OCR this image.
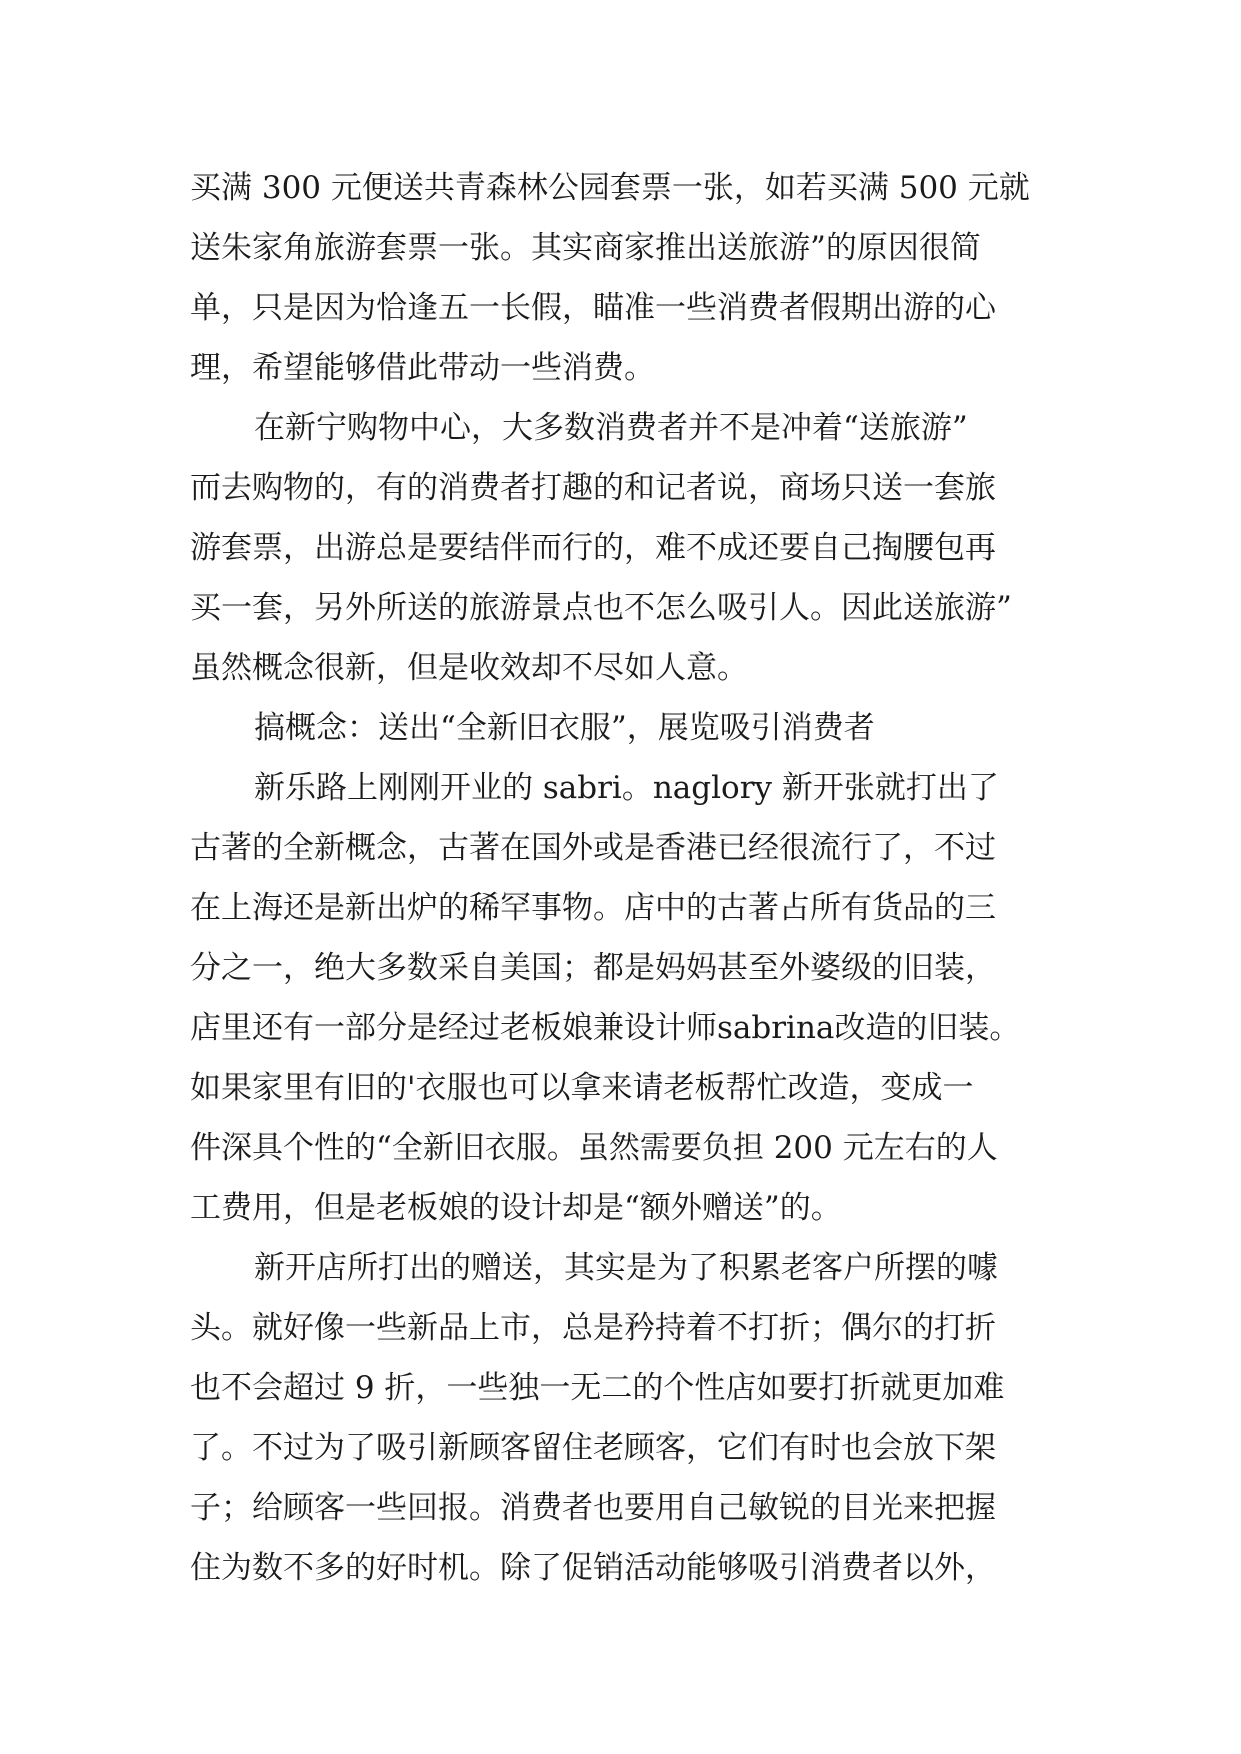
买满 300 元便送共青森林公园套票一张，如若买满 500 元就
送朱家角旅游套票一张。其实商家推出送旅游”的原因很简
单，只是因为恰逢五一长假，瞄准一些消费者假期出游的心
理，希望能够借此带动一些消费。
在新宁购物中心，大多数消费者并不是冲着“送旅游”
而去购物的，有的消费者打趣的和记者说，商场只送一套旅
游套票，出游总是要结伴而行的，难不成还要自己掏腰包再
买一套，另外所送的旅游景点也不怎么吸引人。因此送旅游”
虽然概念很新，但是收效却不尽如人意。
搞概念：送出“全新旧衣服”，展览吸引消费者
新乐路上刚刚开业的 sabri。naglory 新开张就打出了
古著的全新概念，古著在国外或是香港已经很流行了，不过
在上海还是新出炉的稀罕事物。店中的古著占所有货品的三
分之一，绝大多数采自美国；都是妈妈甚至外婆级的旧装，
店里还有一部分是经过老板娘兼设计师sabrina改造的旧装。
如果家里有旧的'衣服也可以拿来请老板帮忙改造，变成一
件深具个性的“全新旧衣服。虽然需要负担 200 元左右的人
工费用，但是老板娘的设计却是“额外赠送”的。
新开店所打出的赠送，其实是为了积累老客户所摆的噱
头。就好像一些新品上市，总是矜持着不打折；偶尔的打折
也不会超过 9 折，一些独一无二的个性店如要打折就更加难
了。不过为了吸引新顾客留住老顾客，它们有时也会放下架
子；给顾客一些回报。消费者也要用自己敏锐的目光来把握
住为数不多的好时机。除了促销活动能够吸引消费者以外，
